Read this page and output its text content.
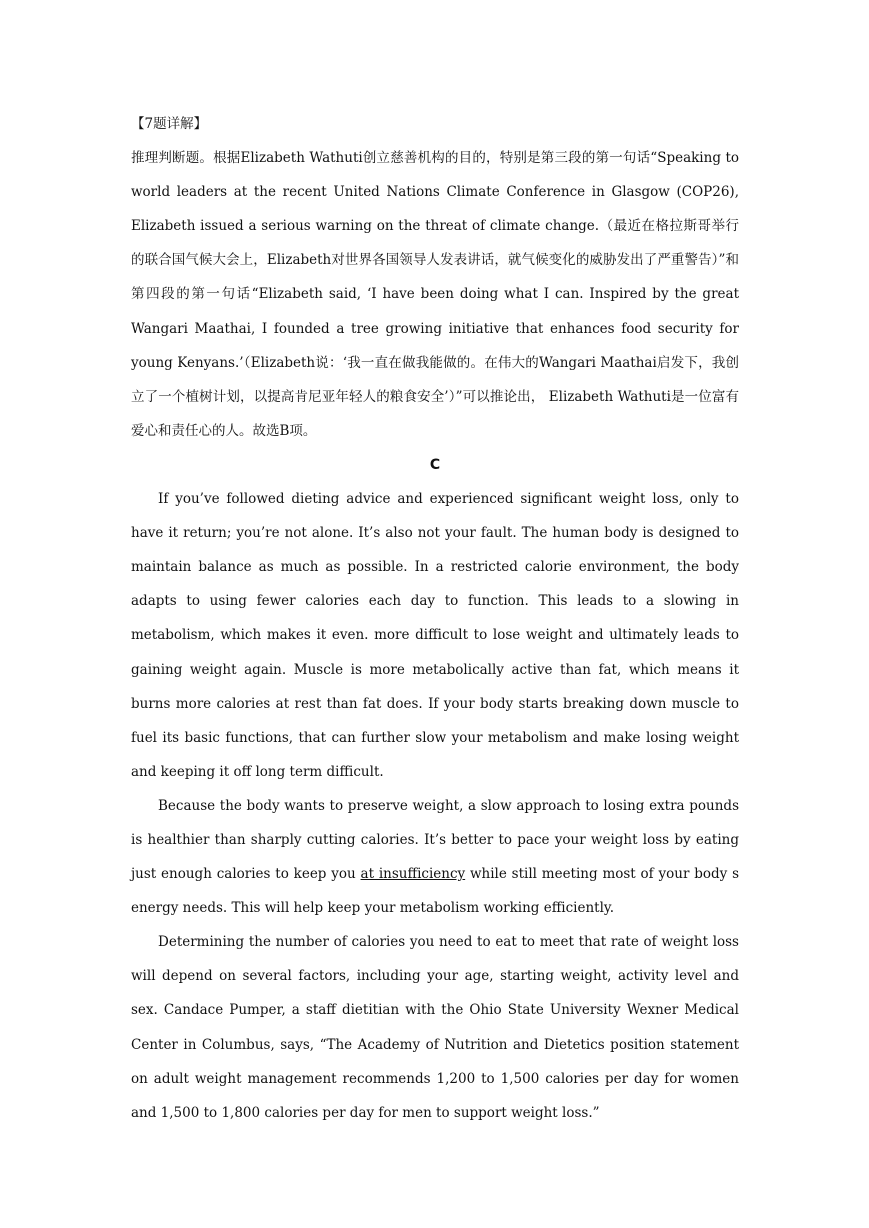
【7题详解】

推理判断题。根据Elizabeth Wathuti创立慈善机构的目的，特别是第三段的第一句话“Speaking to world leaders at the recent United Nations Climate Conference in Glasgow (COP26), Elizabeth issued a serious warning on the threat of climate change.（最近在格拉斯哥举行的联合国气候大会上，Elizabeth对世界各国领导人发表讲话，就气候变化的威胁发出了严重警告）”和第四段的第一句话“Elizabeth said, ‘I have been doing what I can. Inspired by the great Wangari Maathai, I founded a tree growing initiative that enhances food security for young Kenyans.’（Elizabeth说：‘我一直在做我能做的。在伟大的Wangari Maathai启发下，我创立了一个植树计划，以提高肯尼亚年轻人的粮食安全’）”可以推论出， Elizabeth Wathuti是一位富有爱心和责任心的人。故选B项。

C

If you’ve followed dieting advice and experienced significant weight loss, only to have it return; you’re not alone. It’s also not your fault. The human body is designed to maintain balance as much as possible. In a restricted calorie environment, the body adapts to using fewer calories each day to function. This leads to a slowing in metabolism, which makes it even. more difficult to lose weight and ultimately leads to gaining weight again. Muscle is more metabolically active than fat, which means it burns more calories at rest than fat does. If your body starts breaking down muscle to fuel its basic functions, that can further slow your metabolism and make losing weight and keeping it off long term difficult.

Because the body wants to preserve weight, a slow approach to losing extra pounds is healthier than sharply cutting calories. It’s better to pace your weight loss by eating just enough calories to keep you at insufficiency while still meeting most of your body s energy needs. This will help keep your metabolism working efficiently.

Determining the number of calories you need to eat to meet that rate of weight loss will depend on several factors, including your age, starting weight, activity level and sex. Candace Pumper, a staff dietitian with the Ohio State University Wexner Medical Center in Columbus, says, “The Academy of Nutrition and Dietetics position statement on adult weight management recommends 1,200 to 1,500 calories per day for women and 1,500 to 1,800 calories per day for men to support weight loss.”
